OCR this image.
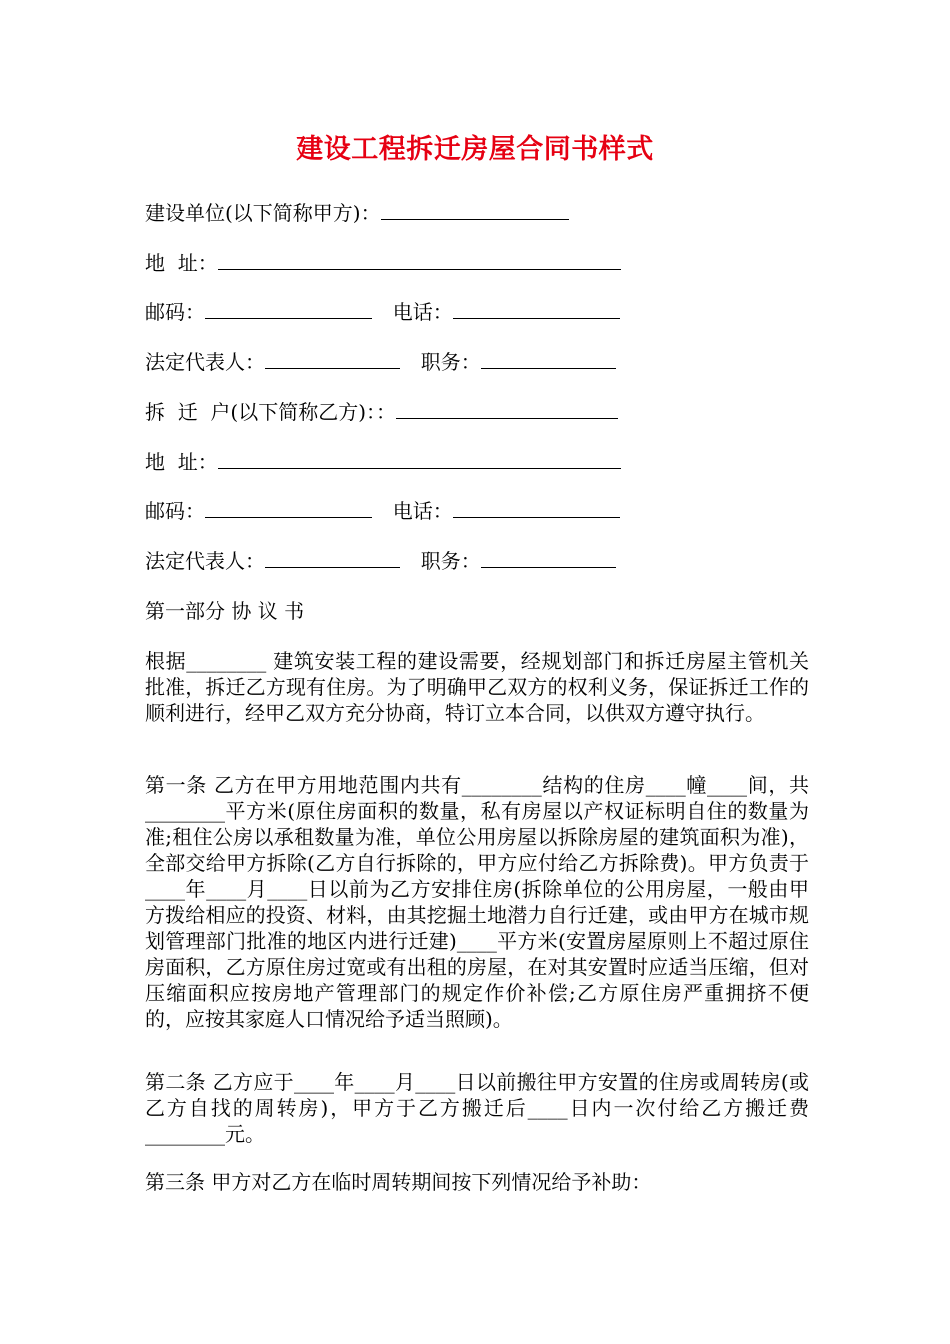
建设工程拆迁房屋合同书样式
建设单位(以下简称甲方)：
地  址：
邮码：	电话：
法定代表人：	职务：
拆  迁  户(以下简称乙方)：：
地  址：
邮码：	电话：
法定代表人：	职务：
第一部分 协 议 书

根据________ 建筑安装工程的建设需要，经规划部门和拆迁房屋主管机关批准，拆迁乙方现有住房。为了明确甲乙双方的权利义务，保证拆迁工作的顺利进行，经甲乙双方充分协商，特订立本合同，以供双方遵守执行。

第一条 乙方在甲方用地范围内共有________结构的住房____幢____间，共________平方米(原住房面积的数量，私有房屋以产权证标明自住的数量为准;租住公房以承租数量为准，单位公用房屋以拆除房屋的建筑面积为准)，全部交给甲方拆除(乙方自行拆除的，甲方应付给乙方拆除费)。甲方负责于____年____月____日以前为乙方安排住房(拆除单位的公用房屋，一般由甲方拨给相应的投资、材料，由其挖掘土地潜力自行迁建，或由甲方在城市规划管理部门批准的地区内进行迁建)____平方米(安置房屋原则上不超过原住房面积，乙方原住房过宽或有出租的房屋，在对其安置时应适当压缩，但对压缩面积应按房地产管理部门的规定作价补偿;乙方原住房严重拥挤不便的，应按其家庭人口情况给予适当照顾)。

第二条 乙方应于____年____月____日以前搬往甲方安置的住房或周转房(或乙方自找的周转房)，甲方于乙方搬迁后____日内一次付给乙方搬迁费________元。

第三条 甲方对乙方在临时周转期间按下列情况给予补助：
